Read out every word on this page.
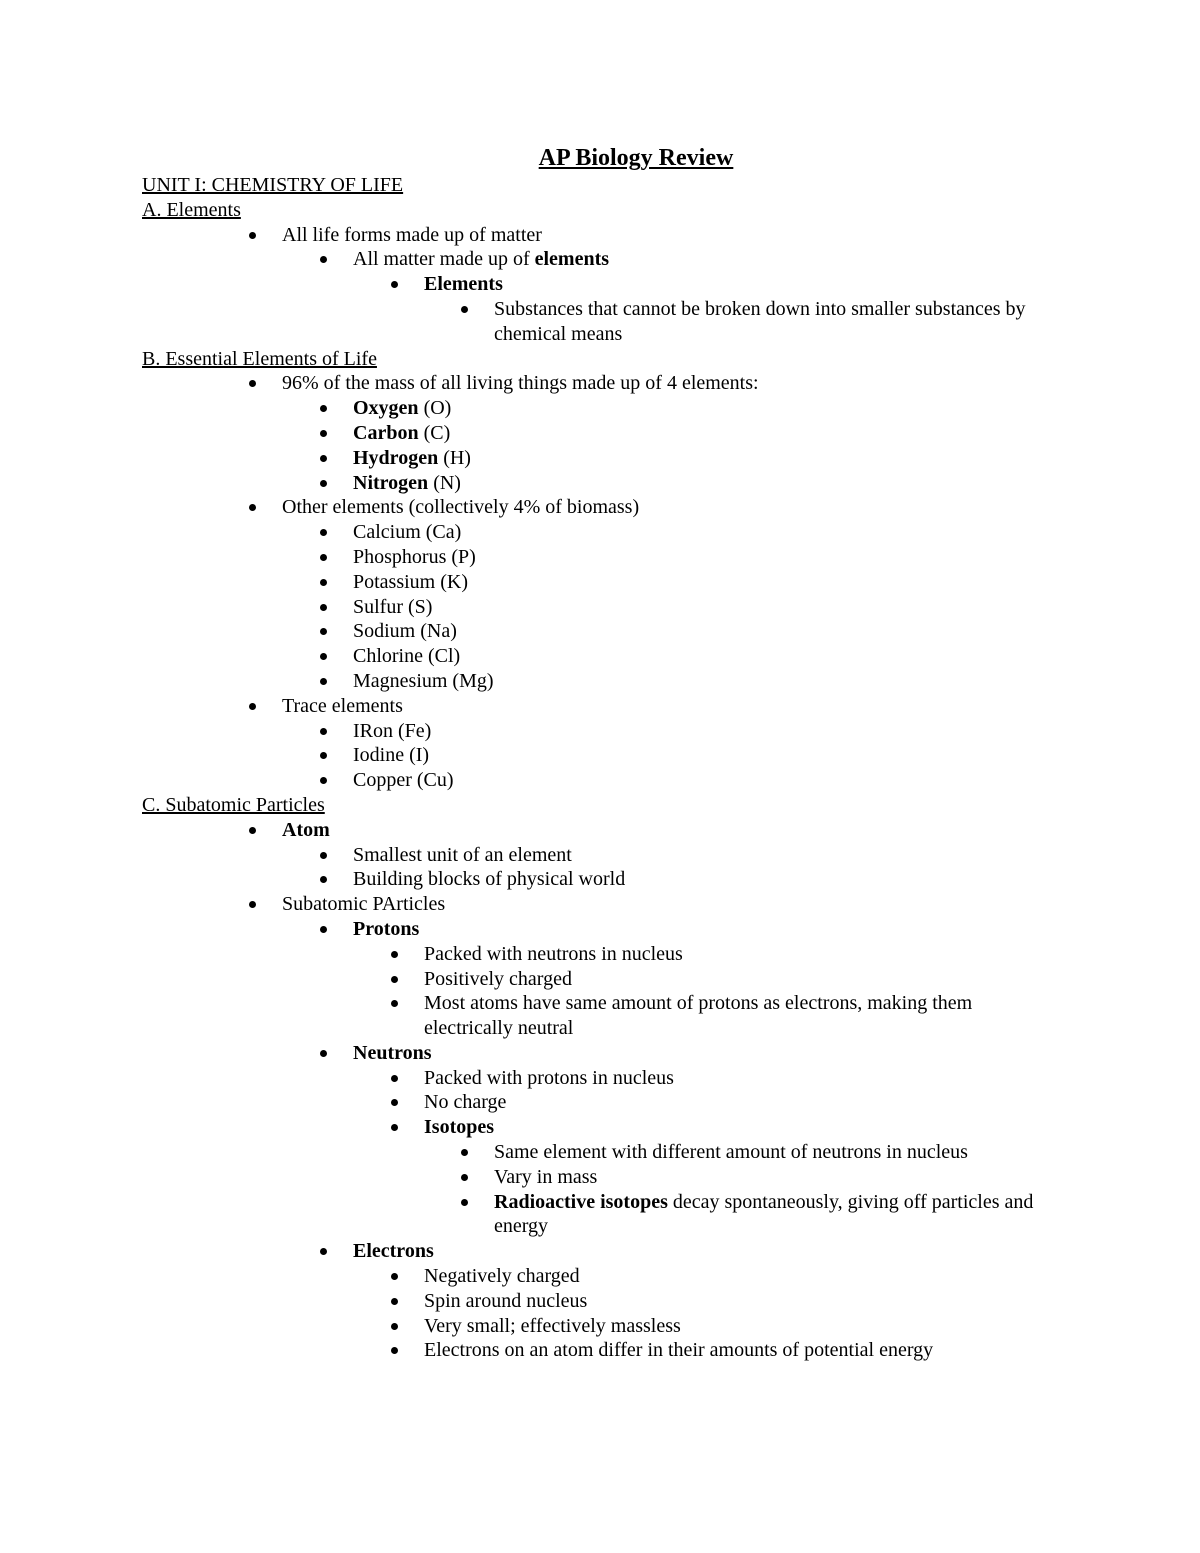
AP Biology Review
UNIT I: CHEMISTRY OF LIFE
A. Elements
All life forms made up of matter
All matter made up of elements
Elements
Substances that cannot be broken down into smaller substances by chemical means
B. Essential Elements of Life
96% of the mass of all living things made up of 4 elements:
Oxygen (O)
Carbon (C)
Hydrogen (H)
Nitrogen (N)
Other elements (collectively 4% of biomass)
Calcium (Ca)
Phosphorus (P)
Potassium (K)
Sulfur (S)
Sodium (Na)
Chlorine (Cl)
Magnesium (Mg)
Trace elements
IRon (Fe)
Iodine (I)
Copper (Cu)
C. Subatomic Particles
Atom
Smallest unit of an element
Building blocks of physical world
Subatomic PArticles
Protons
Packed with neutrons in nucleus
Positively charged
Most atoms have same amount of protons as electrons, making them electrically neutral
Neutrons
Packed with protons in nucleus
No charge
Isotopes
Same element with different amount of neutrons in nucleus
Vary in mass
Radioactive isotopes decay spontaneously, giving off particles and energy
Electrons
Negatively charged
Spin around nucleus
Very small; effectively massless
Electrons on an atom differ in their amounts of potential energy
